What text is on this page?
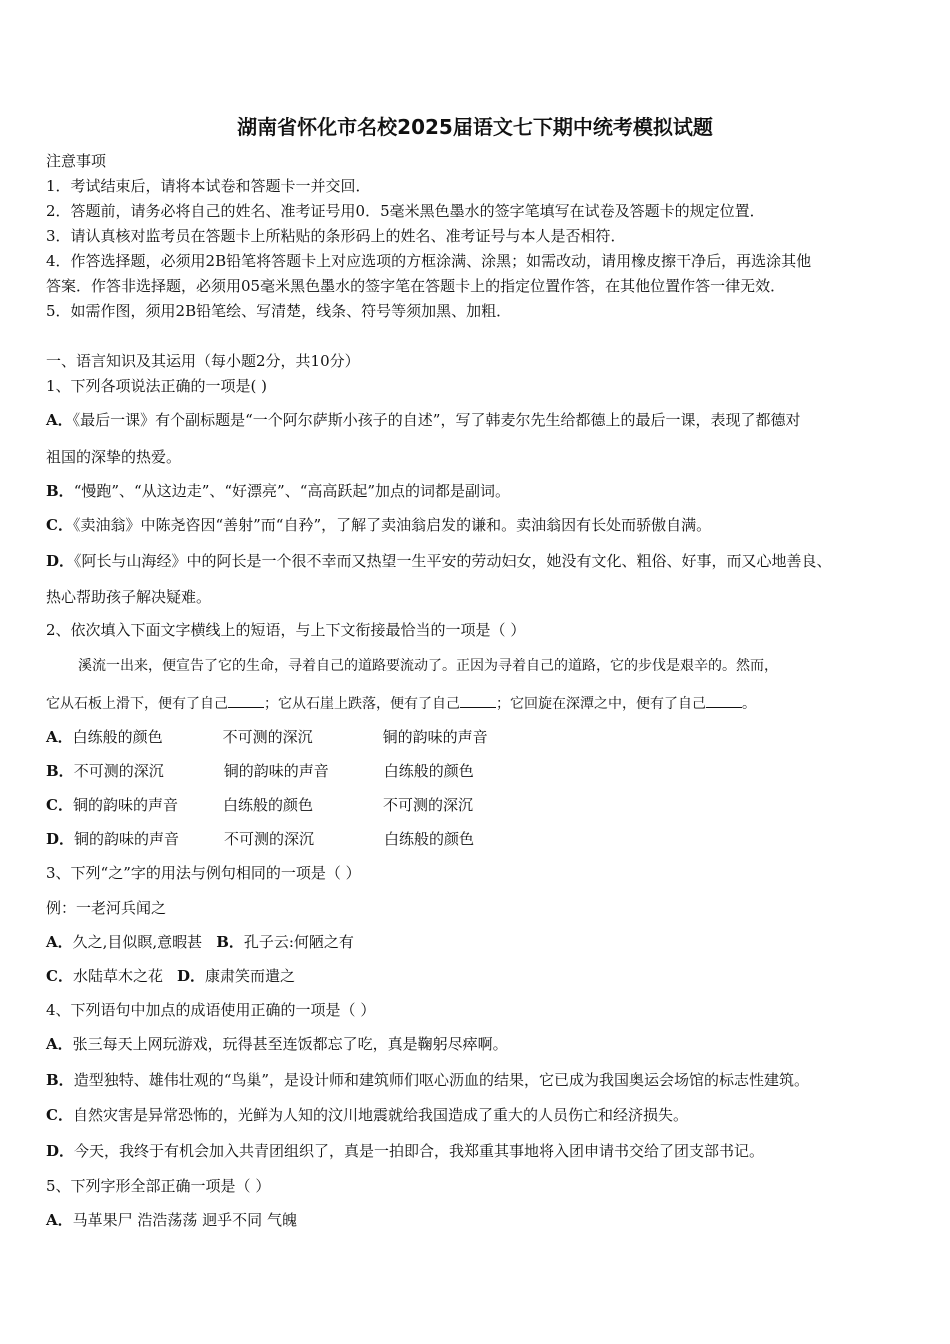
湖南省怀化市名校2025届语文七下期中统考模拟试题
注意事项
1．考试结束后，请将本试卷和答题卡一并交回．
2．答题前，请务必将自己的姓名、准考证号用0．5毫米黑色墨水的签字笔填写在试卷及答题卡的规定位置．
3．请认真核对监考员在答题卡上所粘贴的条形码上的姓名、准考证号与本人是否相符．
4．作答选择题，必须用2B铅笔将答题卡上对应选项的方框涂满、涂黑；如需改动，请用橡皮擦干净后，再选涂其他
答案．作答非选择题，必须用05毫米黑色墨水的签字笔在答题卡上的指定位置作答，在其他位置作答一律无效．
5．如需作图，须用2B铅笔绘、写清楚，线条、符号等须加黑、加粗．
一、语言知识及其运用（每小题2分，共10分）
1、下列各项说法正确的一项是( )
A．《最后一课》有个副标题是“一个阿尔萨斯小孩子的自述”，写了韩麦尔先生给都德上的最后一课，表现了都德对
祖国的深挚的热爱。
B．“慢跑”、“从这边走”、“好漂亮”、“高高跃起”加点的词都是副词。
C．《卖油翁》中陈尧咨因“善射”而“自矜”，了解了卖油翁启发的谦和。卖油翁因有长处而骄傲自满。
D．《阿长与山海经》中的阿长是一个很不幸而又热望一生平安的劳动妇女，她没有文化、粗俗、好事，而又心地善良、
热心帮助孩子解决疑难。
2、依次填入下面文字横线上的短语，与上下文衔接最恰当的一项是（ ）
溪流一出来，便宣告了它的生命，寻着自己的道路要流动了。正因为寻着自己的道路，它的步伐是艰辛的。然而，
它从石板上滑下，便有了自己	；它从石崖上跌落，便有了自己	；它回旋在深潭之中，便有了自己	。
A． 白练般的颜色	不可测的深沉	铜的韵味的声音
B． 不可测的深沉	铜的韵味的声音	白练般的颜色
C． 铜的韵味的声音	白练般的颜色	不可测的深沉
D． 铜的韵味的声音	不可测的深沉	白练般的颜色
3、下列“之”字的用法与例句相同的一项是（ ）
例：一老河兵闻之
A．久之,目似瞑,意暇甚 B．孔子云:何陋之有
C．水陆草木之花 D．康肃笑而遣之
4、下列语句中加点的成语使用正确的一项是（ ）
A．张三每天上网玩游戏，玩得甚至连饭都忘了吃，真是鞠躬尽瘁啊。
B．造型独特、雄伟壮观的“鸟巢”，是设计师和建筑师们呕心沥血的结果，它已成为我国奥运会场馆的标志性建筑。
C．自然灾害是异常恐怖的，光鲜为人知的汶川地震就给我国造成了重大的人员伤亡和经济损失。
D．今天，我终于有机会加入共青团组织了，真是一拍即合，我郑重其事地将入团申请书交给了团支部书记。
5、下列字形全部正确一项是（ ）
A．马革果尸 浩浩荡荡 迥乎不同 气魄
